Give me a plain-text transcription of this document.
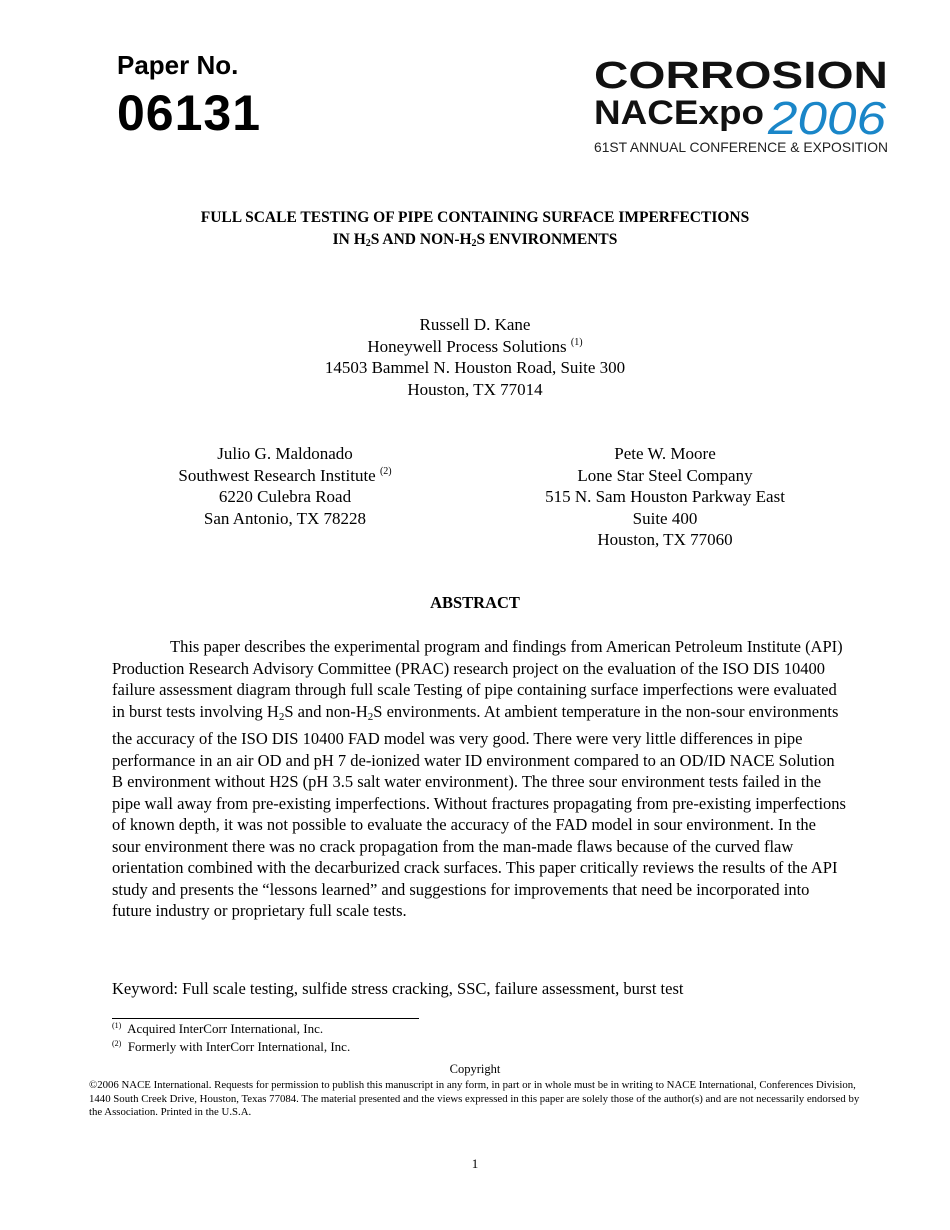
Paper No.
06131
CORROSION
NACExpo 2006
61ST ANNUAL CONFERENCE & EXPOSITION
FULL SCALE TESTING OF PIPE CONTAINING SURFACE IMPERFECTIONS
IN $H_2S$ AND NON-$H_2S$ ENVIRONMENTS
Russell D. Kane
Honeywell Process Solutions $^{(1)}$
14503 Bammel N. Houston Road, Suite 300
Houston, TX 77014
Julio G. Maldonado
Southwest Research Institute $^{(2)}$
6220 Culebra Road
San Antonio, TX 78228
Pete W. Moore
Lone Star Steel Company
515 N. Sam Houston Parkway East
Suite 400
Houston, TX 77060
ABSTRACT

This paper describes the experimental program and findings from American Petroleum Institute (API) Production Research Advisory Committee (PRAC) research project on the evaluation of the ISO DIS 10400 failure assessment diagram through full scale Testing of pipe containing surface imperfections were evaluated in burst tests involving $H_2S$ and non-$H_2S$ environments. At ambient temperature in the non-sour environments the accuracy of the ISO DIS 10400 FAD model was very good. There were very little differences in pipe performance in an air OD and pH 7 de-ionized water ID environment compared to an OD/ID NACE Solution B environment without H2S (pH 3.5 salt water environment). The three sour environment tests failed in the pipe wall away from pre-existing imperfections. Without fractures propagating from pre-existing imperfections of known depth, it was not possible to evaluate the accuracy of the FAD model in sour environment. In the sour environment there was no crack propagation from the man-made flaws because of the curved flaw orientation combined with the decarburized crack surfaces. This paper critically reviews the results of the API study and presents the “lessons learned” and suggestions for improvements that need be incorporated into future industry or proprietary full scale tests.

Keyword: Full scale testing, sulfide stress cracking, SSC, failure assessment, burst test
$^{(1)}$ Acquired InterCorr International, Inc.
$^{(2)}$ Formerly with InterCorr International, Inc.
Copyright
©2006 NACE International. Requests for permission to publish this manuscript in any form, in part or in whole must be in writing to NACE International, Conferences Division, 1440 South Creek Drive, Houston, Texas 77084. The material presented and the views expressed in this paper are solely those of the author(s) and are not necessarily endorsed by the Association. Printed in the U.S.A.
1
